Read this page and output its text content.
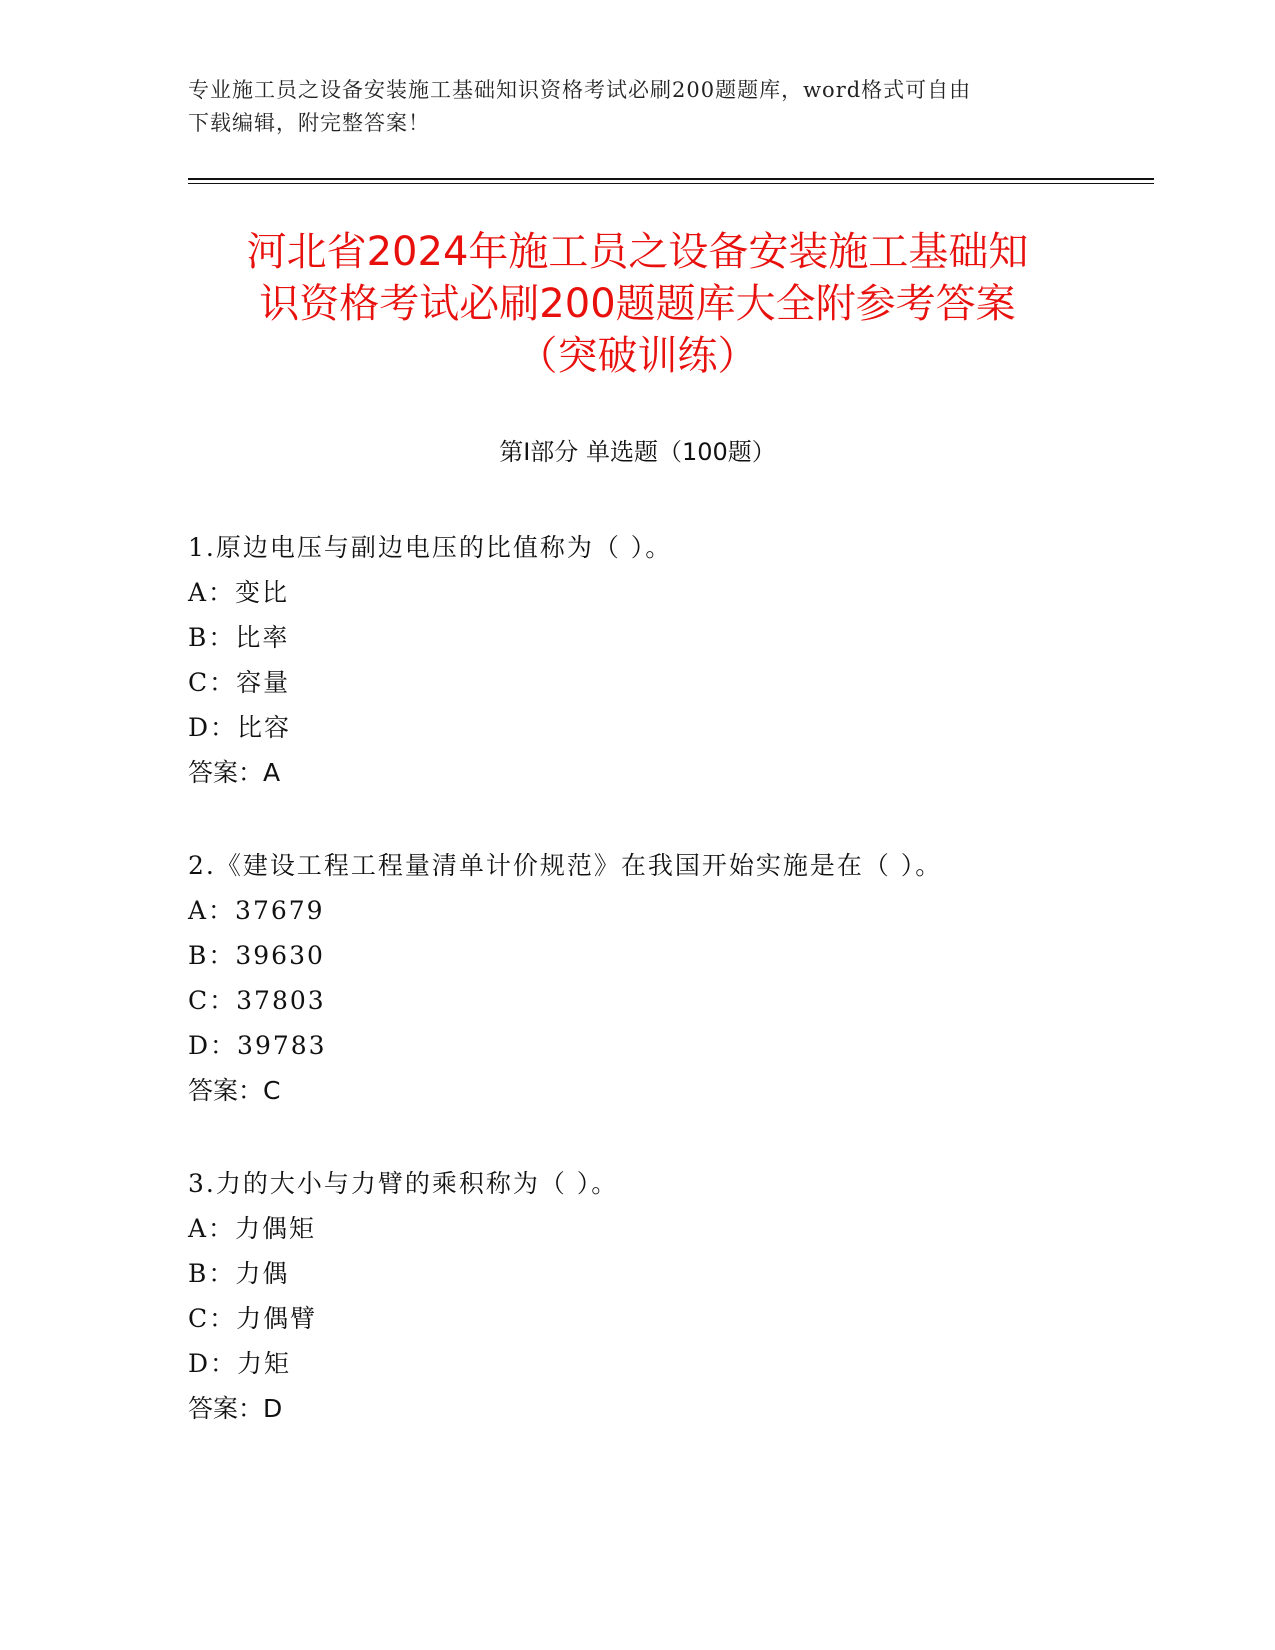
专业施工员之设备安装施工基础知识资格考试必刷200题题库，word格式可自由
下载编辑，附完整答案！
河北省2024年施工员之设备安装施工基础知
识资格考试必刷200题题库大全附参考答案
（突破训练）
第Ⅰ部分 单选题（100题）
1.原边电压与副边电压的比值称为（ ）。
A：变比
B：比率
C：容量
D：比容
答案：A
2.《建设工程工程量清单计价规范》在我国开始实施是在（ ）。
A：37679
B：39630
C：37803
D：39783
答案：C
3.力的大小与力臂的乘积称为（ ）。
A：力偶矩
B：力偶
C：力偶臂
D：力矩
答案：D
